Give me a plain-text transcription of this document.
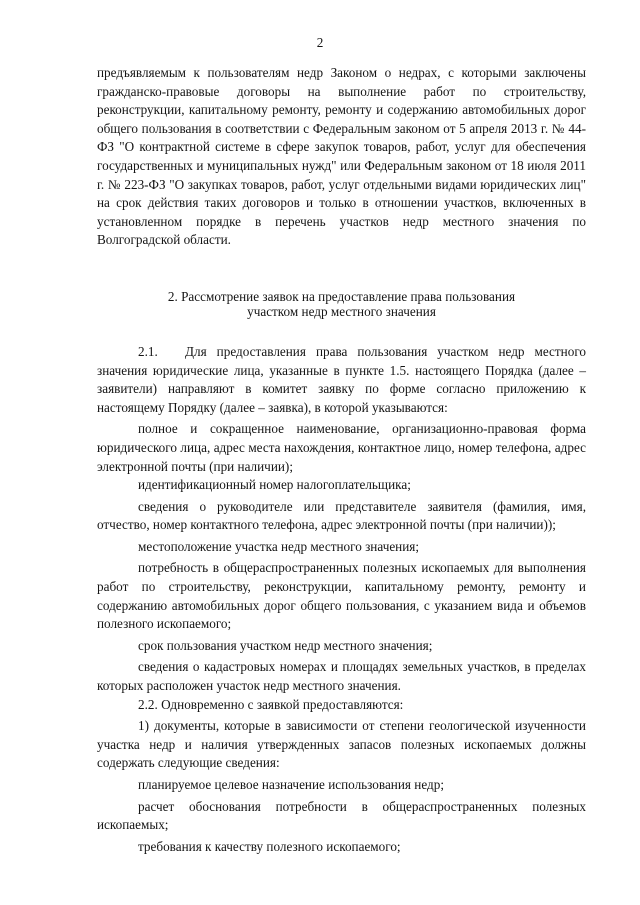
2

предъявляемым к пользователям недр Законом о недрах, с которыми заключены гражданско-правовые договоры на выполнение работ по строительству, реконструкции, капитальному ремонту, ремонту и содержанию автомобильных дорог общего пользования в соответствии с Федеральным законом от 5 апреля 2013 г. № 44-ФЗ "О контрактной системе в сфере закупок товаров, работ, услуг для обеспечения государственных и муниципальных нужд" или Федеральным законом от 18 июля 2011 г. № 223-ФЗ "О закупках товаров, работ, услуг отдельными видами юридических лиц" на срок действия таких договоров и только в отношении участков, включенных в установленном порядке в перечень участков недр местного значения по Волгоградской области.

2. Рассмотрение заявок на предоставление права пользования
участком недр местного значения

2.1. Для предоставления права пользования участком недр местного значения юридические лица, указанные в пункте 1.5. настоящего Порядка (далее – заявители) направляют в комитет заявку по форме согласно приложению к настоящему Порядку (далее – заявка), в которой указываются:

полное и сокращенное наименование, организационно-правовая форма юридического лица, адрес места нахождения, контактное лицо, номер телефона, адрес электронной почты (при наличии);

идентификационный номер налогоплательщика;

сведения о руководителе или представителе заявителя (фамилия, имя, отчество, номер контактного телефона, адрес электронной почты (при наличии));

местоположение участка недр местного значения;

потребность в общераспространенных полезных ископаемых для выполнения работ по строительству, реконструкции, капитальному ремонту, ремонту и содержанию автомобильных дорог общего пользования, с указанием вида и объемов полезного ископаемого;

срок пользования участком недр местного значения;

сведения о кадастровых номерах и площадях земельных участков, в пределах которых расположен участок недр местного значения.

2.2. Одновременно с заявкой предоставляются:

1) документы, которые в зависимости от степени геологической изученности участка недр и наличия утвержденных запасов полезных ископаемых должны содержать следующие сведения:

планируемое целевое назначение использования недр;

расчет обоснования потребности в общераспространенных полезных ископаемых;

требования к качеству полезного ископаемого;
